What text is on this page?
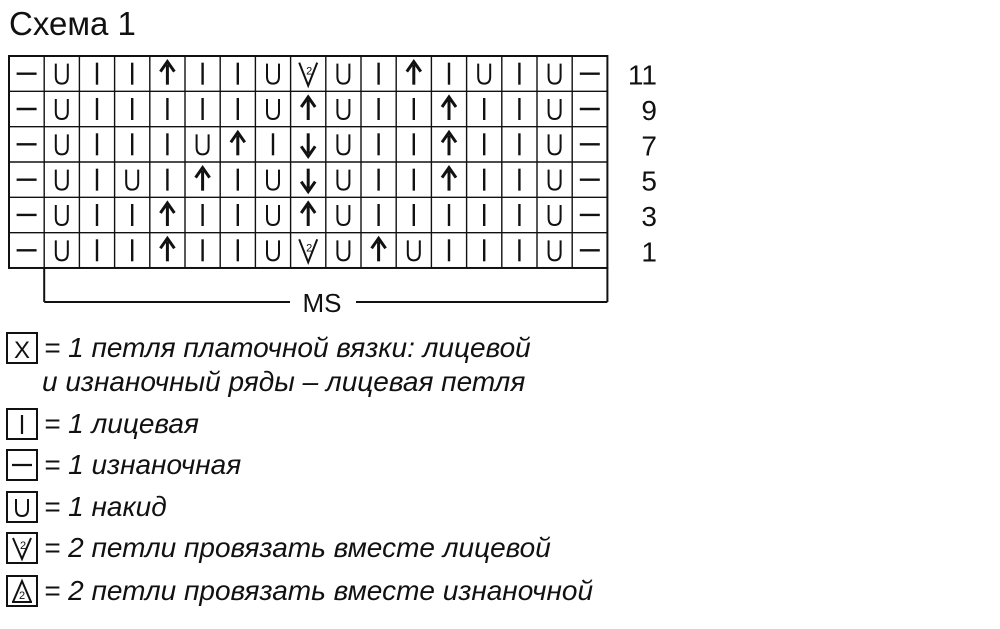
Схема 1
2
2
11
9
7
5
3
1
MS
X = 1 петля платочной вязки: лицевой
и изнаночный ряды – лицевая петля
= 1 лицевая
= 1 изнаночная
= 1 накид
2 = 2 петли провязать вместе лицевой
2 = 2 петли провязать вместе изнаночной
